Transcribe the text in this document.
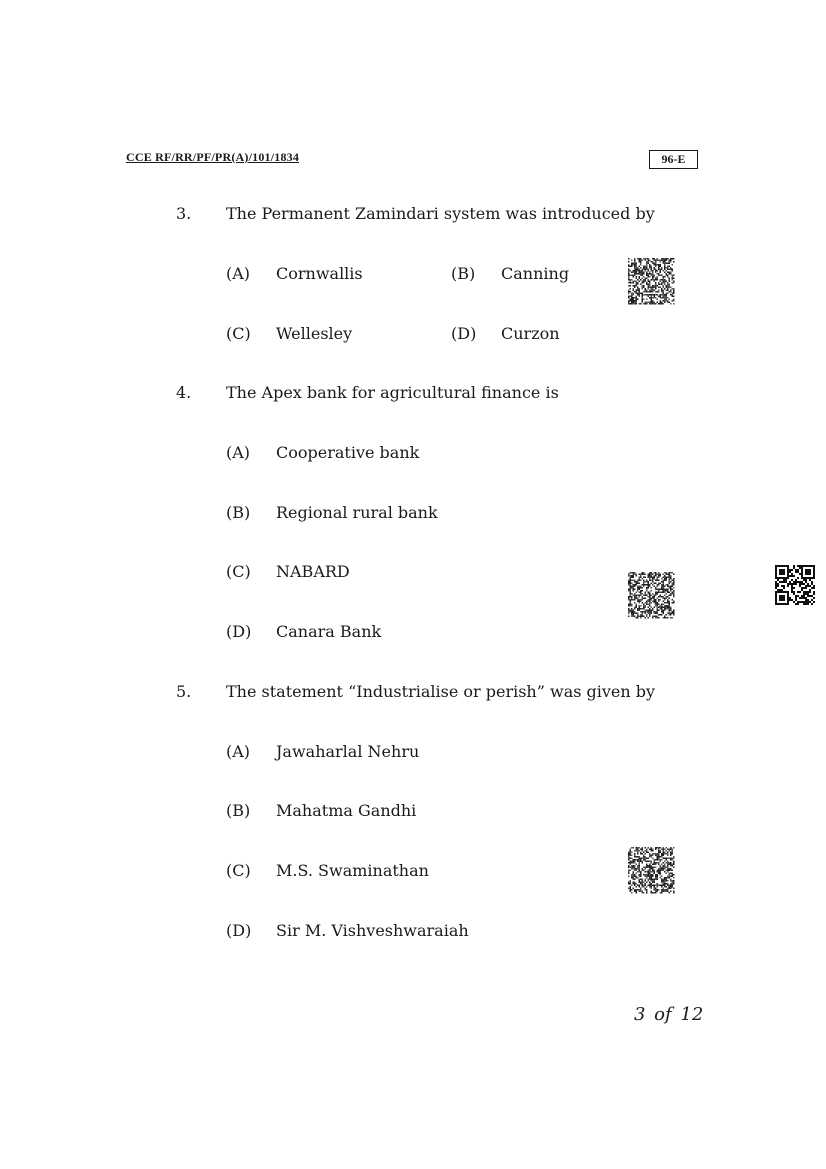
CCE RF/RR/PF/PR(A)/101/1834	96-E
3. The Permanent Zamindari system was introduced by
(A) Cornwallis	(B) Canning
(C) Wellesley	(D) Curzon
4. The Apex bank for agricultural finance is
(A) Cooperative bank
(B) Regional rural bank
(C) NABARD
(D) Canara Bank
5. The statement “Industrialise or perish” was given by
(A) Jawaharlal Nehru
(B) Mahatma Gandhi
(C) M.S. Swaminathan
(D) Sir M. Vishveshwaraiah
3 of 12
